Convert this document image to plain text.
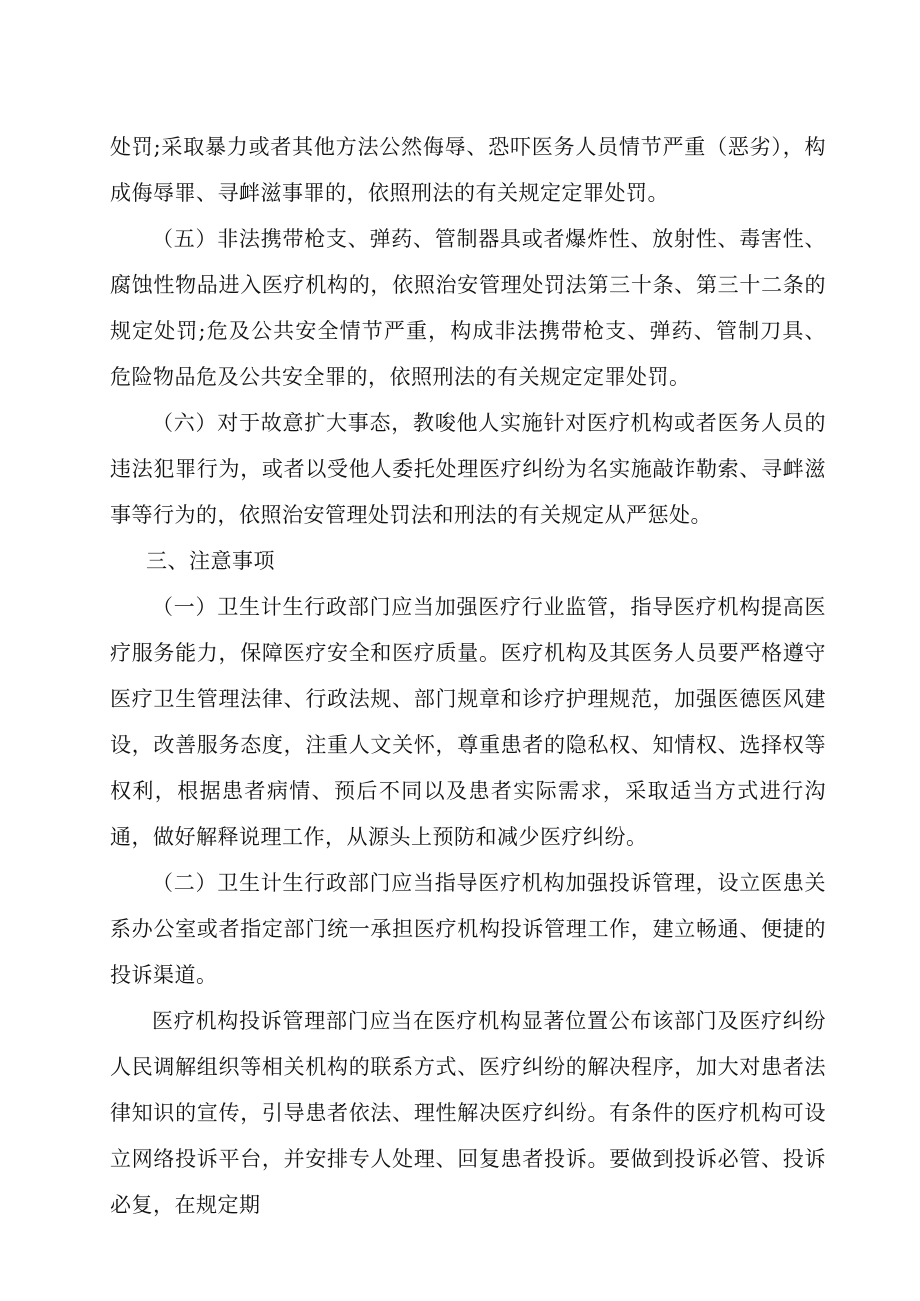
处罚;采取暴力或者其他方法公然侮辱、恐吓医务人员情节严重（恶劣），构成侮辱罪、寻衅滋事罪的，依照刑法的有关规定定罪处罚。

（五）非法携带枪支、弹药、管制器具或者爆炸性、放射性、毒害性、腐蚀性物品进入医疗机构的，依照治安管理处罚法第三十条、第三十二条的规定处罚;危及公共安全情节严重，构成非法携带枪支、弹药、管制刀具、危险物品危及公共安全罪的，依照刑法的有关规定定罪处罚。

（六）对于故意扩大事态，教唆他人实施针对医疗机构或者医务人员的违法犯罪行为，或者以受他人委托处理医疗纠纷为名实施敲诈勒索、寻衅滋事等行为的，依照治安管理处罚法和刑法的有关规定从严惩处。

三、注意事项

（一）卫生计生行政部门应当加强医疗行业监管，指导医疗机构提高医疗服务能力，保障医疗安全和医疗质量。医疗机构及其医务人员要严格遵守医疗卫生管理法律、行政法规、部门规章和诊疗护理规范，加强医德医风建设，改善服务态度，注重人文关怀，尊重患者的隐私权、知情权、选择权等权利，根据患者病情、预后不同以及患者实际需求，采取适当方式进行沟通，做好解释说理工作，从源头上预防和减少医疗纠纷。

（二）卫生计生行政部门应当指导医疗机构加强投诉管理，设立医患关系办公室或者指定部门统一承担医疗机构投诉管理工作，建立畅通、便捷的投诉渠道。

医疗机构投诉管理部门应当在医疗机构显著位置公布该部门及医疗纠纷人民调解组织等相关机构的联系方式、医疗纠纷的解决程序，加大对患者法律知识的宣传，引导患者依法、理性解决医疗纠纷。有条件的医疗机构可设立网络投诉平台，并安排专人处理、回复患者投诉。要做到投诉必管、投诉必复，在规定期
